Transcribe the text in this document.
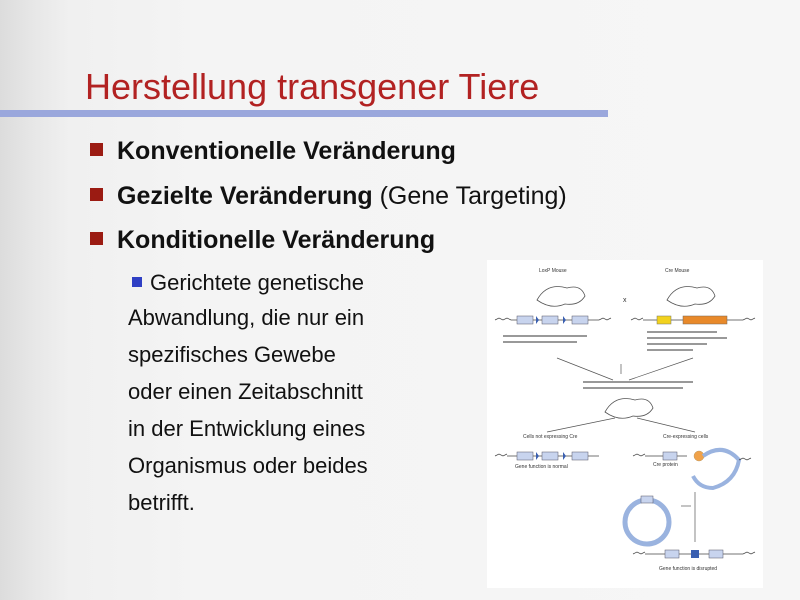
Herstellung transgener Tiere
Konventionelle Veränderung
Gezielte Veränderung (Gene Targeting)
Konditionelle Veränderung
Gerichtete genetische
Abwandlung, die nur ein
spezifisches Gewebe
oder einen Zeitabschnitt
in der Entwicklung eines
Organismus oder beides
betrifft.
LoxP Mouse	Cre Mouse
x
Cells not expressing Cre	Cre-expressing cells
Gene function is normal	Cre protein
Gene function is disrupted
